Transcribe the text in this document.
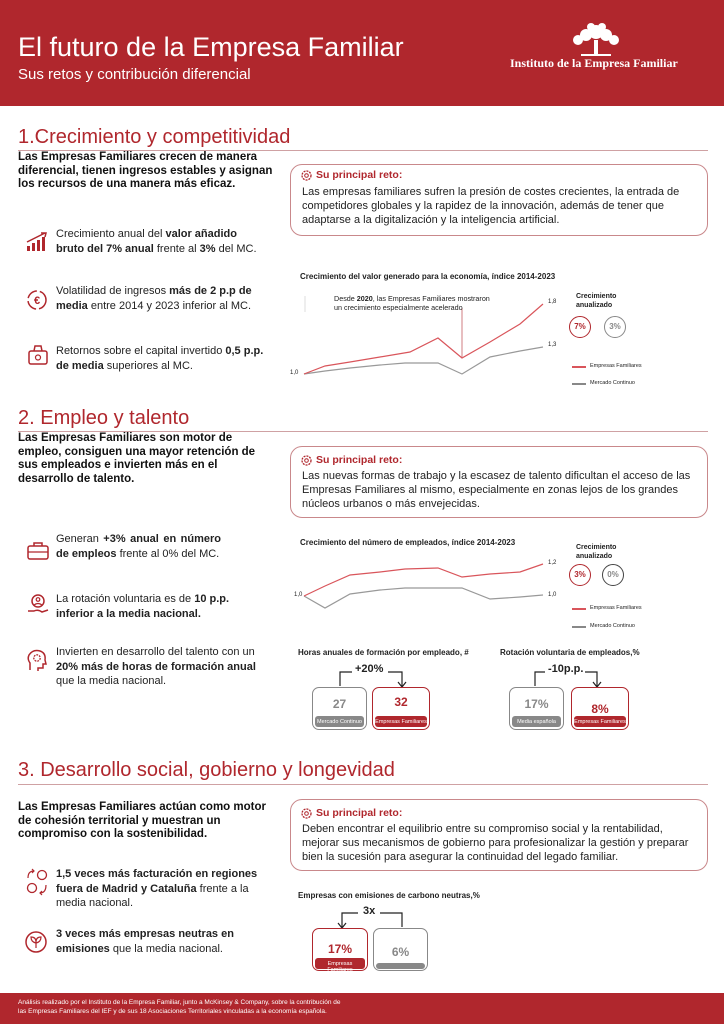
El futuro de la Empresa Familiar
Sus retos y contribución diferencial
Instituto de la Empresa Familiar
1.Crecimiento y competitividad
Las Empresas Familiares crecen de manera diferencial, tienen ingresos estables y asignan los recursos de una manera más eficaz.
Su principal reto:
Las empresas familiares sufren la presión de costes crecientes, la entrada de competidores globales y la rapidez de la innovación, además de tener que adaptarse a la digitalización y la inteligencia artificial.
Crecimiento anual del valor añadido bruto del 7% anual frente al 3% del MC.
€
Volatilidad de ingresos más de 2 p.p de media entre 2014 y 2023 inferior al MC.
Retornos sobre el capital invertido 0,5 p.p. de media superiores al MC.
Crecimiento del valor generado para la economía, índice 2014-2023
Desde 2020, las Empresas Familiares mostraron
un crecimiento especialmente acelerado
1,0
1,8
1,3
Crecimiento anualizado
7%	3%
Empresas Familiares
Mercado Continuo
2. Empleo y talento
Las Empresas Familiares son motor de empleo, consiguen una mayor retención de sus empleados e invierten más en el desarrollo de talento.
Su principal reto:
Las nuevas formas de trabajo y la escasez de talento dificultan el acceso de las Empresas Familiares al mismo, especialmente en zonas lejos de los grandes núcleos urbanos o más envejecidas.
Generan +3% anual en número de empleos frente al 0% del MC.
La rotación voluntaria es de 10 p.p. inferior a la media nacional.
Invierten en desarrollo del talento con un 20% más de horas de formación anual que la media nacional.
Crecimiento del número de empleados, índice 2014-2023
1,0
1,2
1,0
Crecimiento anualizado
3%	0%
Empresas Familiares
Mercado Continuo
Horas anuales de formación por empleado, #
+20%
27
Mercado Continuo
32
Empresas Familiares
Rotación voluntaria de empleados,%
-10p.p.
17%
Media española
8%
Empresas Familiares
3. Desarrollo social, gobierno y longevidad
Las Empresas Familiares actúan como motor de cohesión territorial y muestran un compromiso con la sostenibilidad.
Su principal reto:
Deben encontrar el equilibrio entre su compromiso social y la rentabilidad, mejorar sus mecanismos de gobierno para profesionalizar la gestión y preparar bien la sucesión para asegurar la continuidad del legado familiar.
1,5 veces más facturación en regiones fuera de Madrid y Cataluña frente a la media nacional.
3 veces más empresas neutras en emisiones que la media nacional.
Empresas con emisiones de carbono neutras,%
3x
17%
Empresas Familiares
6%
Análisis realizado por el Instituto de la Empresa Familiar, junto a McKinsey & Company, sobre la contribución de
las Empresas Familiares del IEF y de sus 18 Asociaciones Territoriales vinculadas a la economía española.
